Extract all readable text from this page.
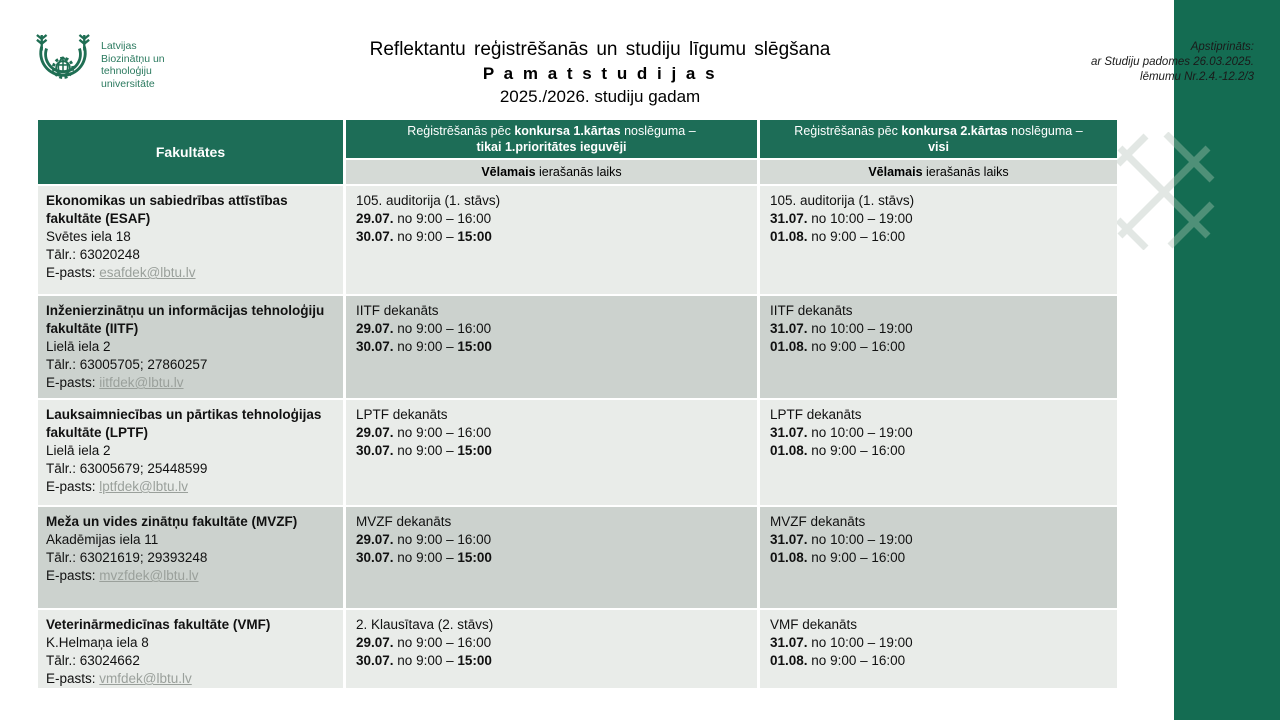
Latvijas
Biozinātņu un
tehnoloģiju
universitāte
Reflektantu reģistrēšanās un studiju līgumu slēgšana
P a m a t s t u d i j a s
2025./2026. studiju gadam
Apstiprināts:
ar Studiju padomes 26.03.2025.
lēmumu Nr.2.4.-12.2/3
Fakultātes
Reģistrēšanās pēc konkursa 1.kārtas noslēguma –
tikai 1.prioritātes ieguvēji
Reģistrēšanās pēc konkursa 2.kārtas noslēguma –
visi
Vēlamais ierašanās laiks	Vēlamais ierašanās laiks
Ekonomikas un sabiedrības attīstības fakultāte (ESAF)
Svētes iela 18
Tālr.: 63020248
E-pasts: esafdek@lbtu.lv
105. auditorija (1. stāvs)
29.07. no 9:00 – 16:00
30.07. no 9:00 – 15:00
105. auditorija (1. stāvs)
31.07. no 10:00 – 19:00
01.08. no 9:00 – 16:00
Inženierzinātņu un informācijas tehnoloģiju fakultāte (IITF)
Lielā iela 2
Tālr.: 63005705; 27860257
E-pasts: iitfdek@lbtu.lv
IITF dekanāts
29.07. no 9:00 – 16:00
30.07. no 9:00 – 15:00
IITF dekanāts
31.07. no 10:00 – 19:00
01.08. no 9:00 – 16:00
Lauksaimniecības un pārtikas tehnoloģijas fakultāte (LPTF)
Lielā iela 2
Tālr.: 63005679; 25448599
E-pasts: lptfdek@lbtu.lv
LPTF dekanāts
29.07. no 9:00 – 16:00
30.07. no 9:00 – 15:00
LPTF dekanāts
31.07. no 10:00 – 19:00
01.08. no 9:00 – 16:00
Meža un vides zinātņu fakultāte (MVZF)
Akadēmijas iela 11
Tālr.: 63021619; 29393248
E-pasts: mvzfdek@lbtu.lv
MVZF dekanāts
29.07. no 9:00 – 16:00
30.07. no 9:00 – 15:00
MVZF dekanāts
31.07. no 10:00 – 19:00
01.08. no 9:00 – 16:00
Veterinārmedicīnas fakultāte (VMF)
K.Helmaņa iela 8
Tālr.: 63024662
E-pasts: vmfdek@lbtu.lv
2. Klausītava (2. stāvs)
29.07. no 9:00 – 16:00
30.07. no 9:00 – 15:00
VMF dekanāts
31.07. no 10:00 – 19:00
01.08. no 9:00 – 16:00
